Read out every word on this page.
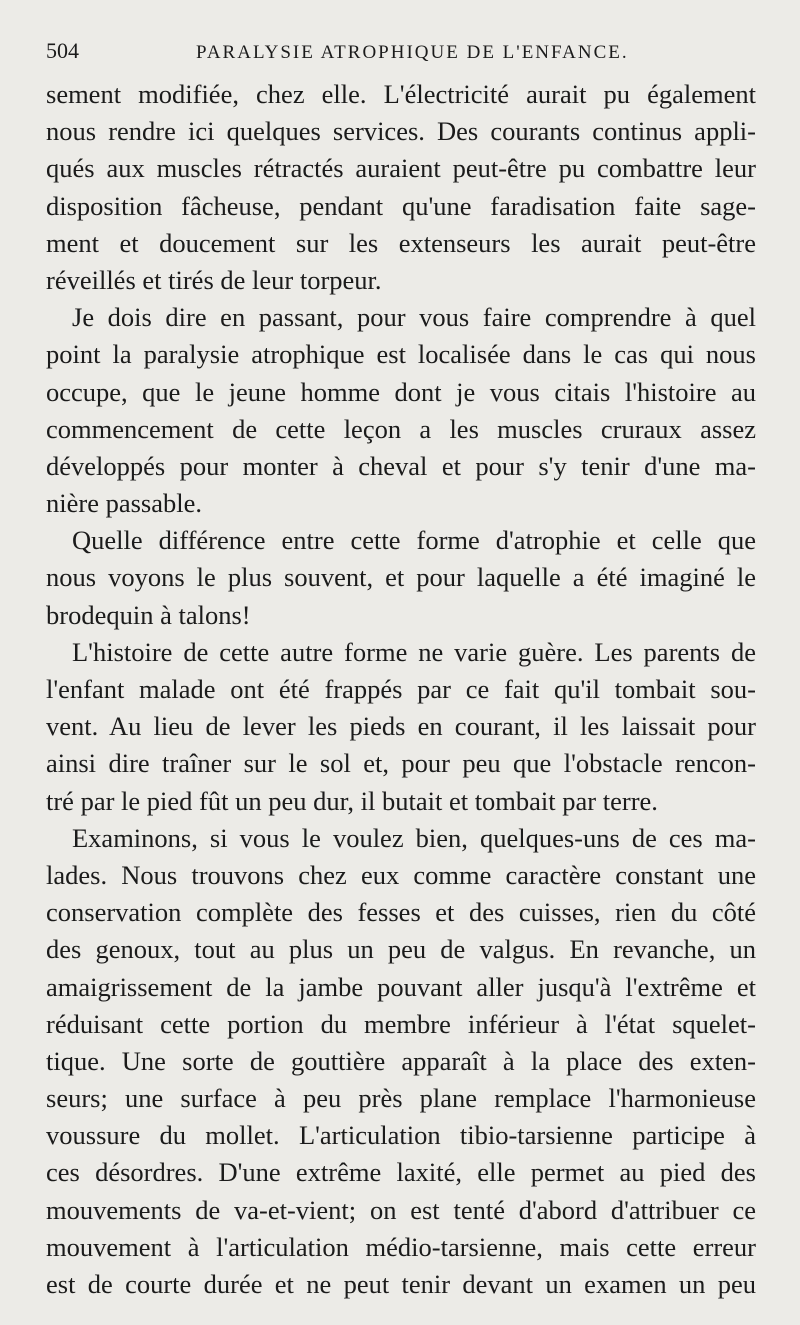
504	PARALYSIE ATROPHIQUE DE L'ENFANCE.
sement modifiée, chez elle. L'électricité aurait pu également
nous rendre ici quelques services. Des courants continus appli-
qués aux muscles rétractés auraient peut-être pu combattre leur
disposition fâcheuse, pendant qu'une faradisation faite sage-
ment et doucement sur les extenseurs les aurait peut-être
réveillés et tirés de leur torpeur.
Je dois dire en passant, pour vous faire comprendre à quel
point la paralysie atrophique est localisée dans le cas qui nous
occupe, que le jeune homme dont je vous citais l'histoire au
commencement de cette leçon a les muscles cruraux assez
développés pour monter à cheval et pour s'y tenir d'une ma-
nière passable.
Quelle différence entre cette forme d'atrophie et celle que
nous voyons le plus souvent, et pour laquelle a été imaginé le
brodequin à talons!
L'histoire de cette autre forme ne varie guère. Les parents de
l'enfant malade ont été frappés par ce fait qu'il tombait sou-
vent. Au lieu de lever les pieds en courant, il les laissait pour
ainsi dire traîner sur le sol et, pour peu que l'obstacle rencon-
tré par le pied fût un peu dur, il butait et tombait par terre.
Examinons, si vous le voulez bien, quelques-uns de ces ma-
lades. Nous trouvons chez eux comme caractère constant une
conservation complète des fesses et des cuisses, rien du côté
des genoux, tout au plus un peu de valgus. En revanche, un
amaigrissement de la jambe pouvant aller jusqu'à l'extrême et
réduisant cette portion du membre inférieur à l'état squelet-
tique. Une sorte de gouttière apparaît à la place des exten-
seurs; une surface à peu près plane remplace l'harmonieuse
voussure du mollet. L'articulation tibio-tarsienne participe à
ces désordres. D'une extrême laxité, elle permet au pied des
mouvements de va-et-vient; on est tenté d'abord d'attribuer ce
mouvement à l'articulation médio-tarsienne, mais cette erreur
est de courte durée et ne peut tenir devant un examen un peu
